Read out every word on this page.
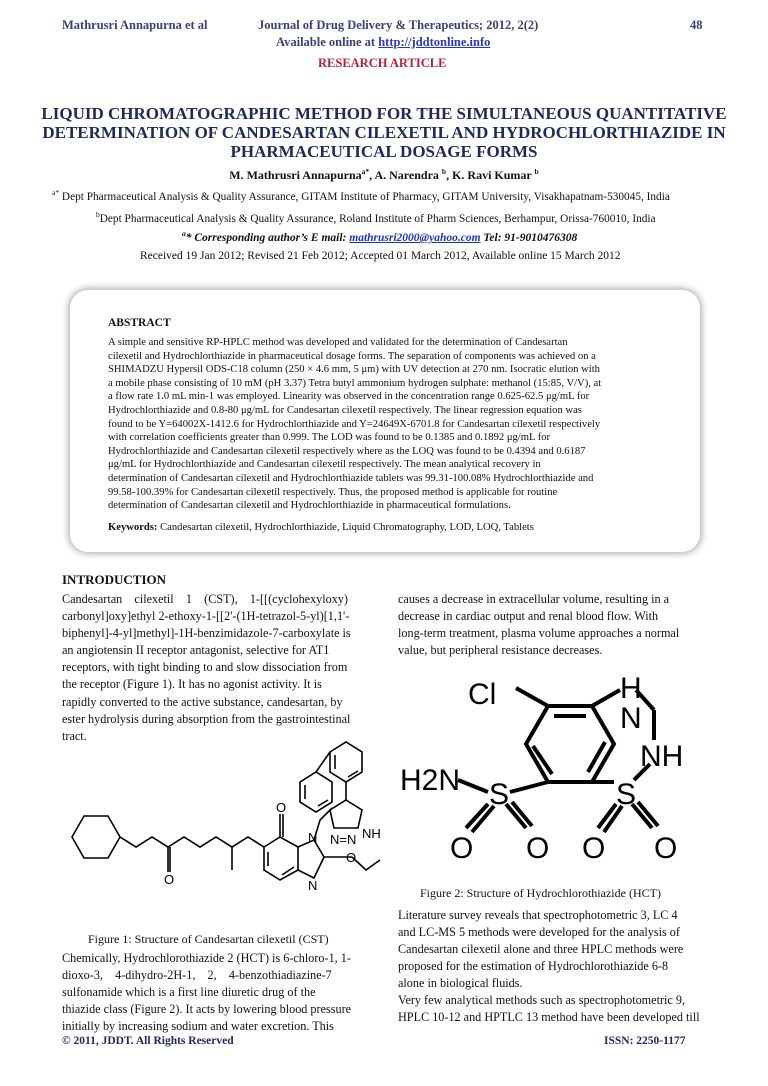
Mathrusri Annapurna et al	Journal of Drug Delivery & Therapeutics; 2012, 2(2)	48
Available online at http://jddtonline.info
RESEARCH ARTICLE
LIQUID CHROMATOGRAPHIC METHOD FOR THE SIMULTANEOUS QUANTITATIVE
DETERMINATION OF CANDESARTAN CILEXETIL AND HYDROCHLORTHIAZIDE IN
PHARMACEUTICAL DOSAGE FORMS
M. Mathrusri Annapurna$^{a*}$, A. Narendra $^b$, K. Ravi Kumar $^b$
$^{a*}$ Dept Pharmaceutical Analysis & Quality Assurance, GITAM Institute of Pharmacy, GITAM University, Visakhapatnam-530045, India
$^b$Dept Pharmaceutical Analysis & Quality Assurance, Roland Institute of Pharm Sciences, Berhampur, Orissa-760010, India
$^a$* Corresponding author’s E mail: mathrusri2000@yahoo.com Tel: 91-9010476308
Received 19 Jan 2012; Revised 21 Feb 2012; Accepted 01 March 2012, Available online 15 March 2012
ABSTRACT
A simple and sensitive RP-HPLC method was developed and validated for the determination of Candesartan
cilexetil and Hydrochlorthiazide in pharmaceutical dosage forms. The separation of components was achieved on a
SHIMADZU Hypersil ODS-C18 column (250 × 4.6 mm, 5 μm) with UV detection at 270 nm. Isocratic elution with
a mobile phase consisting of 10 mM (pH 3.37) Tetra butyl ammonium hydrogen sulphate: methanol (15:85, V/V), at
a flow rate 1.0 mL min-1 was employed. Linearity was observed in the concentration range 0.625-62.5 μg/mL for
Hydrochlorthiazide and 0.8-80 μg/mL for Candesartan cilexetil respectively. The linear regression equation was
found to be Y=64002X-1412.6 for Hydrochlorthiazide and Y=24649X-6701.8 for Candesartan cilexetil respectively
with correlation coefficients greater than 0.999. The LOD was found to be 0.1385 and 0.1892 μg/mL for
Hydrochlorthiazide and Candesartan cilexetil respectively where as the LOQ was found to be 0.4394 and 0.6187
μg/mL for Hydrochlorthiazide and Candesartan cilexetil respectively. The mean analytical recovery in
determination of Candesartan cilexetil and Hydrochlorthiazide tablets was 99.31-100.08% Hydrochlorthiazide and
99.58-100.39% for Candesartan cilexetil respectively. Thus, the proposed method is applicable for routine
determination of Candesartan cilexetil and Hydrochlorthiazide in pharmaceutical formulations.
Keywords: Candesartan cilexetil, Hydrochlorthiazide, Liquid Chromatography, LOD, LOQ, Tablets
INTRODUCTION
Candesartan    cilexetil    1    (CST),    1-[[(cyclohexyloxy)
carbonyl]oxy]ethyl 2-ethoxy-1-[[2'-(1H-tetrazol-5-yl)[1,1'-
biphenyl]-4-yl]methyl]-1H-benzimidazole-7-carboxylate is
an angiotensin II receptor antagonist, selective for AT1
receptors, with tight binding to and slow dissociation from
the receptor (Figure 1). It has no agonist activity. It is
rapidly converted to the active substance, candesartan, by
ester hydrolysis during absorption from the gastrointestinal
tract.
causes a decrease in extracellular volume, resulting in a
decrease in cardiac output and renal blood flow. With
long-term treatment, plasma volume approaches a normal
value, but peripheral resistance decreases.
O
O
N
N
O
NH
N=N
Cl	H
N
NH
H2N S	S
O O O O
Figure 1: Structure of Candesartan cilexetil (CST)
Figure 2: Structure of Hydrochlorothiazide (HCT)
Chemically, Hydrochlorothiazide 2 (HCT) is 6-chloro-1, 1-
dioxo-3,    4-dihydro-2H-1,    2,    4-benzothiadiazine-7
sulfonamide which is a first line diuretic drug of the
thiazide class (Figure 2). It acts by lowering blood pressure
initially by increasing sodium and water excretion. This
Literature survey reveals that spectrophotometric 3, LC 4
and LC-MS 5 methods were developed for the analysis of
Candesartan cilexetil alone and three HPLC methods were
proposed for the estimation of Hydrochlorothiazide 6-8
alone in biological fluids.
Very few analytical methods such as spectrophotometric 9,
HPLC 10-12 and HPTLC 13 method have been developed till
© 2011, JDDT. All Rights Reserved	ISSN: 2250-1177
